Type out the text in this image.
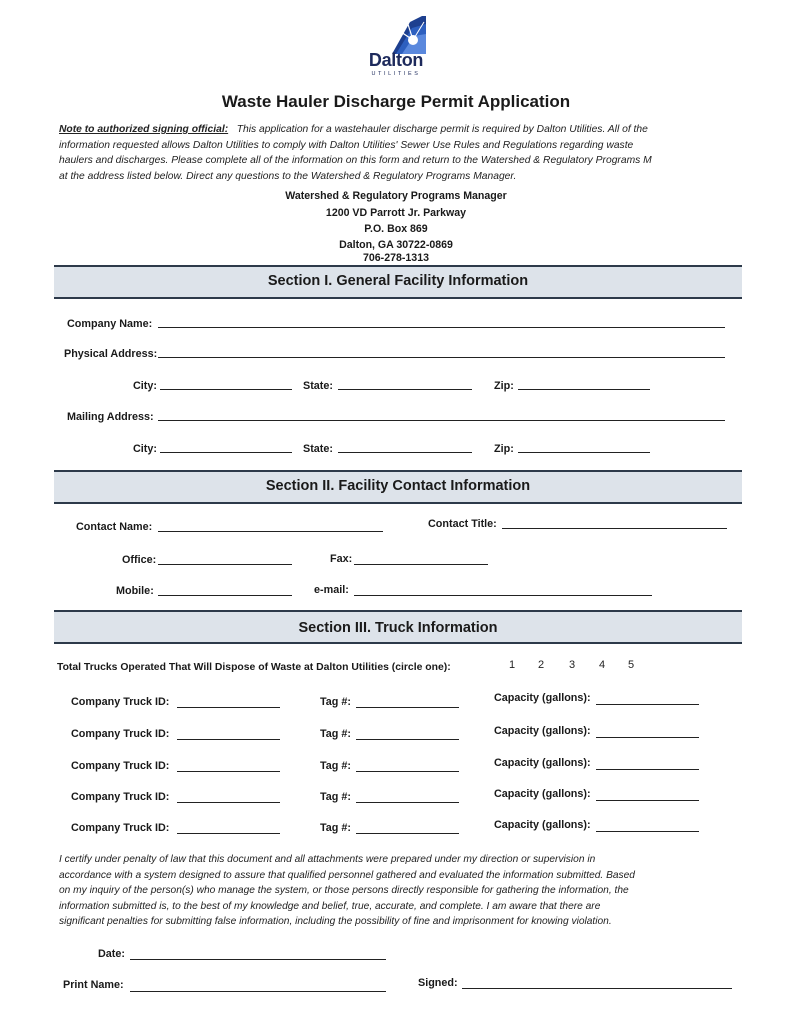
Dalton
UTILITIES
Waste Hauler Discharge Permit Application
Note to authorized signing official: This application for a wastehauler discharge permit is required by Dalton Utilities. All of the
information requested allows Dalton Utilities to comply with Dalton Utilities' Sewer Use Rules and Regulations regarding waste
haulers and discharges. Please complete all of the information on this form and return to the Watershed & Regulatory Programs M
at the address listed below. Direct any questions to the Watershed & Regulatory Programs Manager.
Watershed & Regulatory Programs Manager
1200 VD Parrott Jr. Parkway
P.O. Box 869
Dalton, GA 30722-0869
706-278-1313
Section I. General Facility Information
Company Name:
Physical Address:
City:	State:	Zip:
Mailing Address:
City:	State:	Zip:
Section II. Facility Contact Information
Contact Name:	Contact Title:
Office:	Fax:
Mobile:	e-mail:
Section III. Truck Information
Total Trucks Operated That Will Dispose of Waste at Dalton Utilities (circle one):	1 2 3 4 5
Company Truck ID:	Tag #:	Capacity (gallons):
Company Truck ID:	Tag #:	Capacity (gallons):
Company Truck ID:	Tag #:	Capacity (gallons):
Company Truck ID:	Tag #:	Capacity (gallons):
Company Truck ID:	Tag #:	Capacity (gallons):
I certify under penalty of law that this document and all attachments were prepared under my direction or supervision in
accordance with a system designed to assure that qualified personnel gathered and evaluated the information submitted. Based
on my inquiry of the person(s) who manage the system, or those persons directly responsible for gathering the information, the
information submitted is, to the best of my knowledge and belief, true, accurate, and complete. I am aware that there are
significant penalties for submitting false information, including the possibility of fine and imprisonment for knowing violation.
Date:
Print Name:	Signed:
